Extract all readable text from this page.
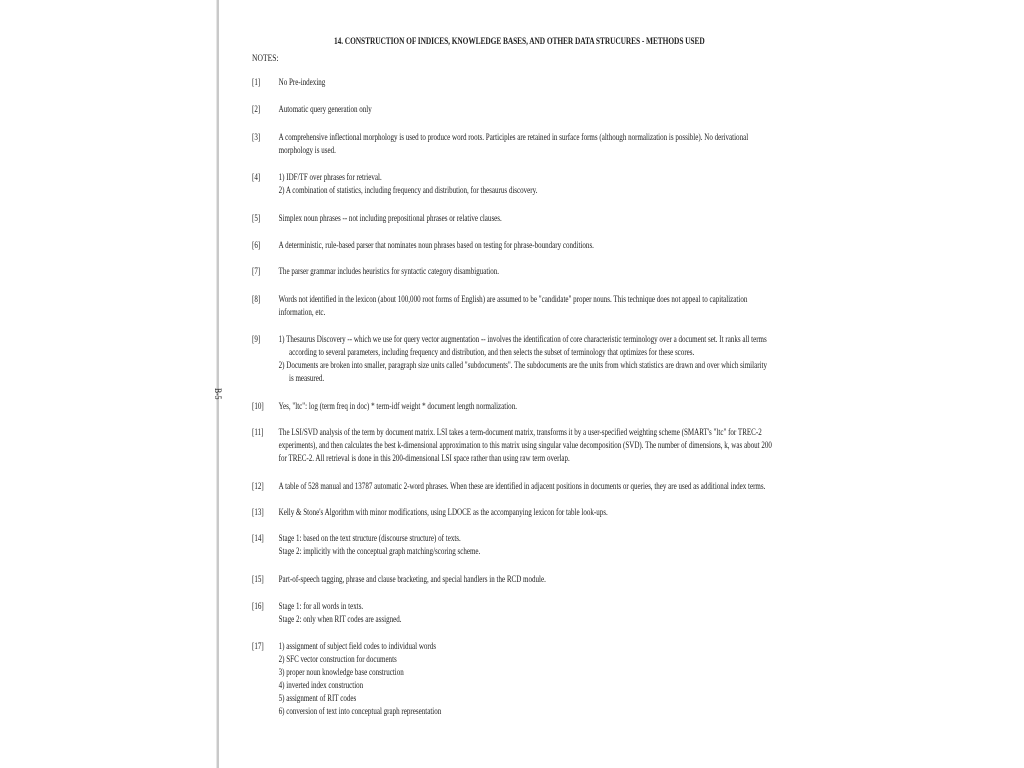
14. CONSTRUCTION OF INDICES, KNOWLEDGE BASES, AND OTHER DATA STRUCURES - METHODS USED
NOTES:
B-5
[1]	No Pre-indexing
[2]	Automatic query generation only
[3]	A comprehensive inflectional morphology is used to produce word roots. Participles are retained in surface forms (although normalization is possible). No derivational
morphology is used.
[4]	1) IDF/TF over phrases for retrieval.
2) A combination of statistics, including frequency and distribution, for thesaurus discovery.
[5]	Simplex noun phrases -- not including prepositional phrases or relative clauses.
[6]	A deterministic, rule-based parser that nominates noun phrases based on testing for phrase-boundary conditions.
[7]	The parser grammar includes heuristics for syntactic category disambiguation.
[8]	Words not identified in the lexicon (about 100,000 root forms of English) are assumed to be "candidate" proper nouns. This technique does not appeal to capitalization
information, etc.
[9]	1) Thesaurus Discovery -- which we use for query vector augmentation -- involves the identification of core characteristic terminology over a document set. It ranks all terms
according to several parameters, including frequency and distribution, and then selects the subset of terminology that optimizes for these scores.
2) Documents are broken into smaller, paragraph size units called "subdocuments". The subdocuments are the units from which statistics are drawn and over which similarity
is measured.
[10]	Yes, "ltc": log (term freq in doc) * term-idf weight * document length normalization.
[11]	The LSI/SVD analysis of the term by document matrix. LSI takes a term-document matrix, transforms it by a user-specified weighting scheme (SMART's "ltc" for TREC-2
experiments), and then calculates the best k-dimensional approximation to this matrix using singular value decomposition (SVD). The number of dimensions, k, was about 200
for TREC-2. All retrieval is done in this 200-dimensional LSI space rather than using raw term overlap.
[12]	A table of 528 manual and 13787 automatic 2-word phrases. When these are identified in adjacent positions in documents or queries, they are used as additional index terms.
[13]	Kelly & Stone's Algorithm with minor modifications, using LDOCE as the accompanying lexicon for table look-ups.
[14]	Stage 1: based on the text structure (discourse structure) of texts.
Stage 2: implicitly with the conceptual graph matching/scoring scheme.
[15]	Part-of-speech tagging, phrase and clause bracketing, and special handlers in the RCD module.
[16]	Stage 1: for all words in texts.
Stage 2: only when RIT codes are assigned.
[17]	1) assignment of subject field codes to individual words
2) SFC vector construction for documents
3) proper noun knowledge base construction
4) inverted index construction
5) assignment of RIT codes
6) conversion of text into conceptual graph representation
